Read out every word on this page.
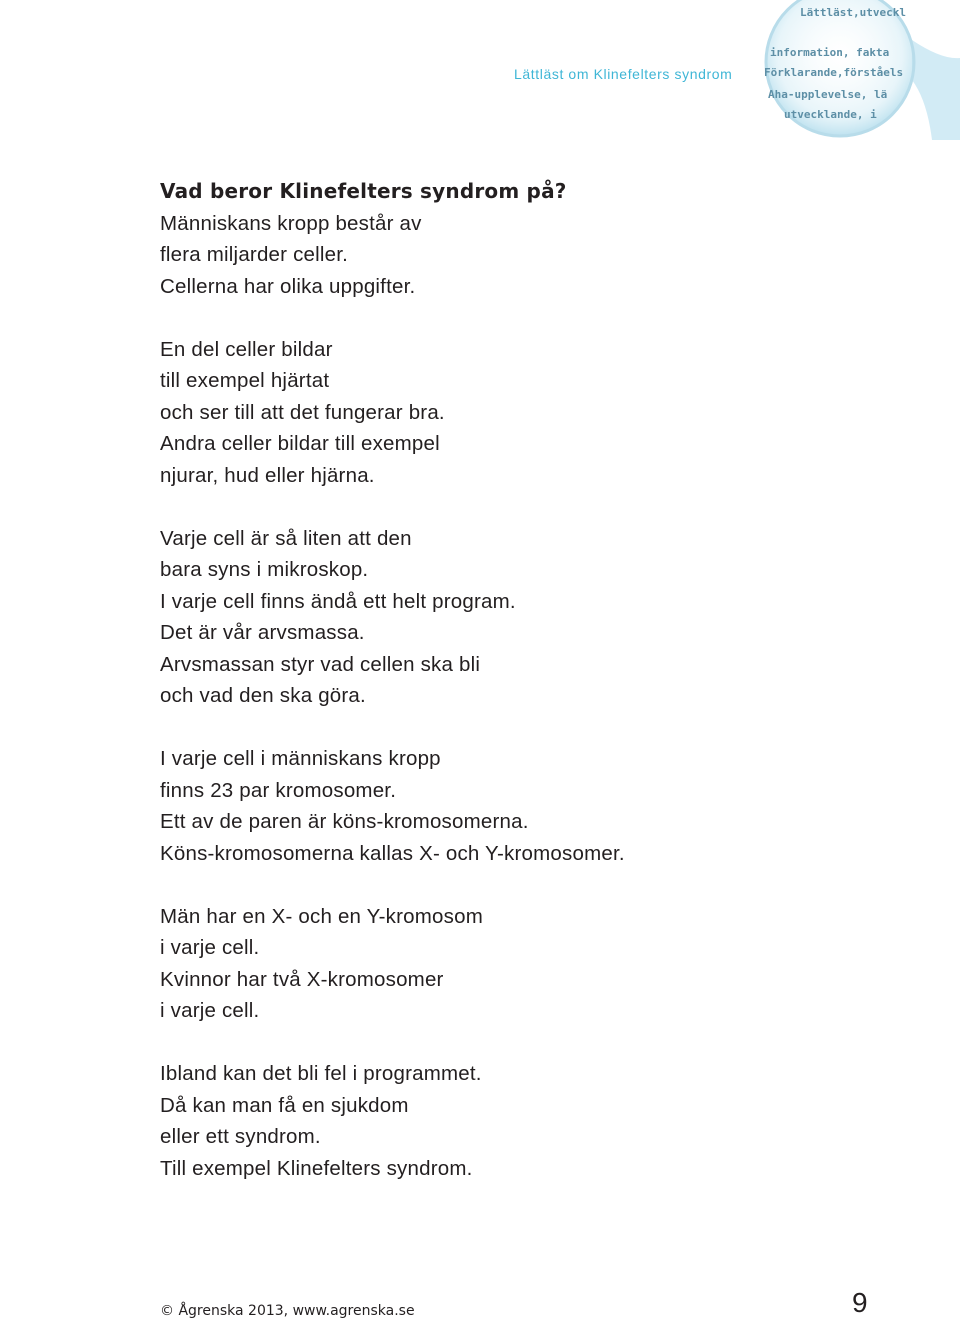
Lättläst om Klinefelters syndrom
Lättläst,utveckl
information, fakta
Förklarande,förståels
Aha-upplevelse, lä
utvecklande, i
Vad beror Klinefelters syndrom på?
Människans kropp består av
flera miljarder celler.
Cellerna har olika uppgifter.
En del celler bildar
till exempel hjärtat
och ser till att det fungerar bra.
Andra celler bildar till exempel
njurar, hud eller hjärna.
Varje cell är så liten att den
bara syns i mikroskop.
I varje cell finns ändå ett helt program.
Det är vår arvsmassa.
Arvsmassan styr vad cellen ska bli
och vad den ska göra.
I varje cell i människans kropp
finns 23 par kromosomer.
Ett av de paren är köns-kromosomerna.
Köns-kromosomerna kallas X- och Y-kromosomer.
Män har en X- och en Y-kromosom
i varje cell.
Kvinnor har två X-kromosomer
i varje cell.
Ibland kan det bli fel i programmet.
Då kan man få en sjukdom
eller ett syndrom.
Till exempel Klinefelters syndrom.
© Ågrenska 2013, www.agrenska.se	9
